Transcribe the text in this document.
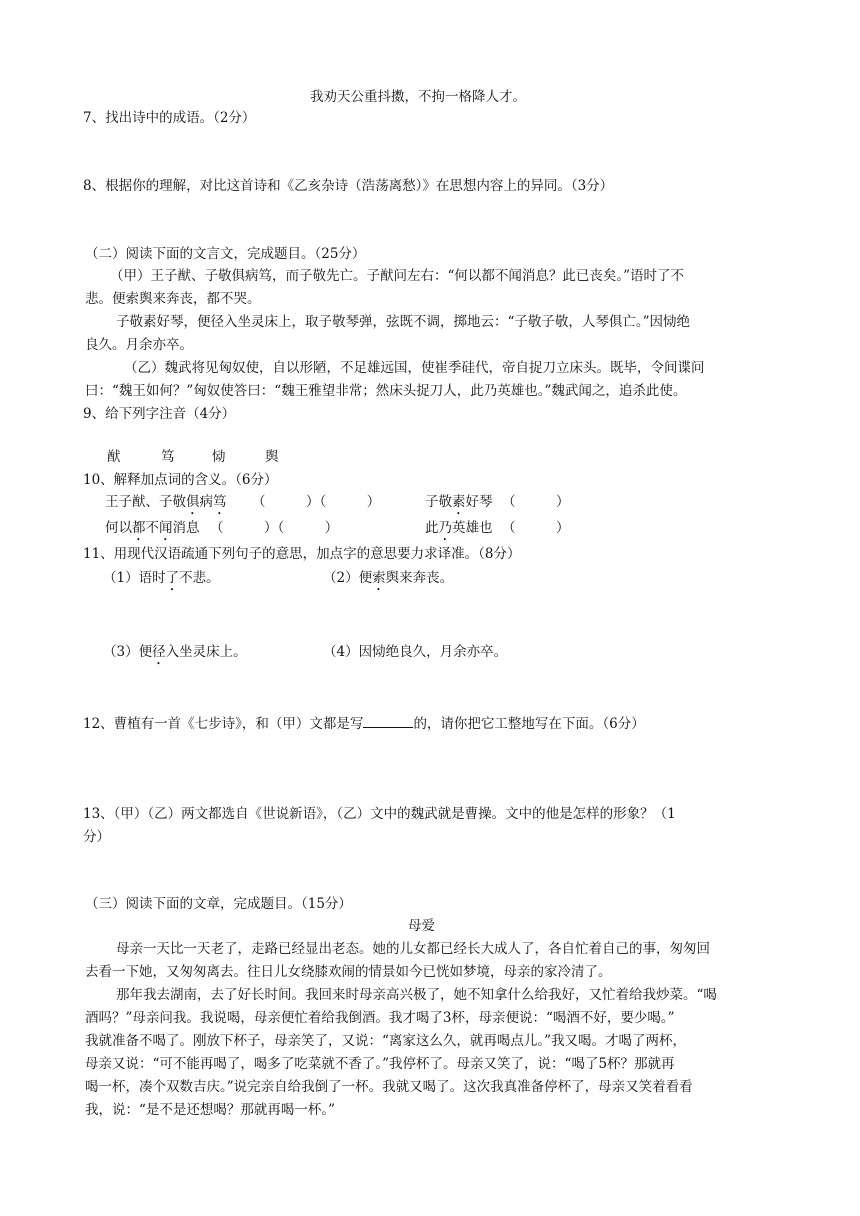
我劝天公重抖擞，不拘一格降人才。
7、找出诗中的成语。（2分）
8、根据你的理解，对比这首诗和《乙亥杂诗（浩荡离愁）》在思想内容上的异同。（3分）
（二）阅读下面的文言文，完成题目。（25分）
（甲）王子猷、子敬俱病笃，而子敬先亡。子猷问左右：“何以都不闻消息？此已丧矣。”语时了不
悲。便索舆来奔丧，都不哭。
子敬素好琴，便径入坐灵床上，取子敬琴弹，弦既不调，掷地云：“子敬子敬，人琴俱亡。”因恸绝
良久。月余亦卒。
（乙）魏武将见匈奴使，自以形陋，不足雄远国，使崔季硅代，帝自捉刀立床头。既毕，令间谍问
曰：“魏王如何？”匈奴使答曰：“魏王雅望非常；然床头捉刀人，此乃英雄也。”魏武闻之，追杀此使。
9、给下列字注音（4分）
猷	笃	恸	舆
10、解释加点词的含义。（6分）
王子猷、子敬俱病笃 （　　　）（　　　）	子敬素好琴 （　　　）
何以都不闻消息 （　　　）（　　　）	此乃英雄也 （　　　）
11、用现代汉语疏通下列句子的意思，加点字的意思要力求译准。（8分）
（1）语时了不悲。	（2）便索舆来奔丧。
（3）便径入坐灵床上。	（4）因恸绝良久，月余亦卒。
12、曹植有一首《七步诗》，和（甲）文都是写	的，请你把它工整地写在下面。（6分）
13、（甲）（乙）两文都选自《世说新语》，（乙）文中的魏武就是曹操。文中的他是怎样的形象？（1
分）
（三）阅读下面的文章，完成题目。（15分）
母爱
母亲一天比一天老了，走路已经显出老态。她的儿女都已经长大成人了，各自忙着自己的事，匆匆回
去看一下她，又匆匆离去。往日儿女绕膝欢闹的情景如今已恍如梦境，母亲的家冷清了。
那年我去湖南，去了好长时间。我回来时母亲高兴极了，她不知拿什么给我好，又忙着给我炒菜。“喝
酒吗？”母亲问我。我说喝，母亲便忙着给我倒酒。我才喝了3杯，母亲便说：“喝酒不好，要少喝。”
我就准备不喝了。刚放下杯子，母亲笑了，又说：“离家这么久，就再喝点儿。”我又喝。才喝了两杯，
母亲又说：“可不能再喝了，喝多了吃菜就不香了。”我停杯了。母亲又笑了，说：“喝了5杯？那就再
喝一杯，凑个双数吉庆。”说完亲自给我倒了一杯。我就又喝了。这次我真准备停杯了，母亲又笑着看看
我，说：“是不是还想喝？那就再喝一杯。”
